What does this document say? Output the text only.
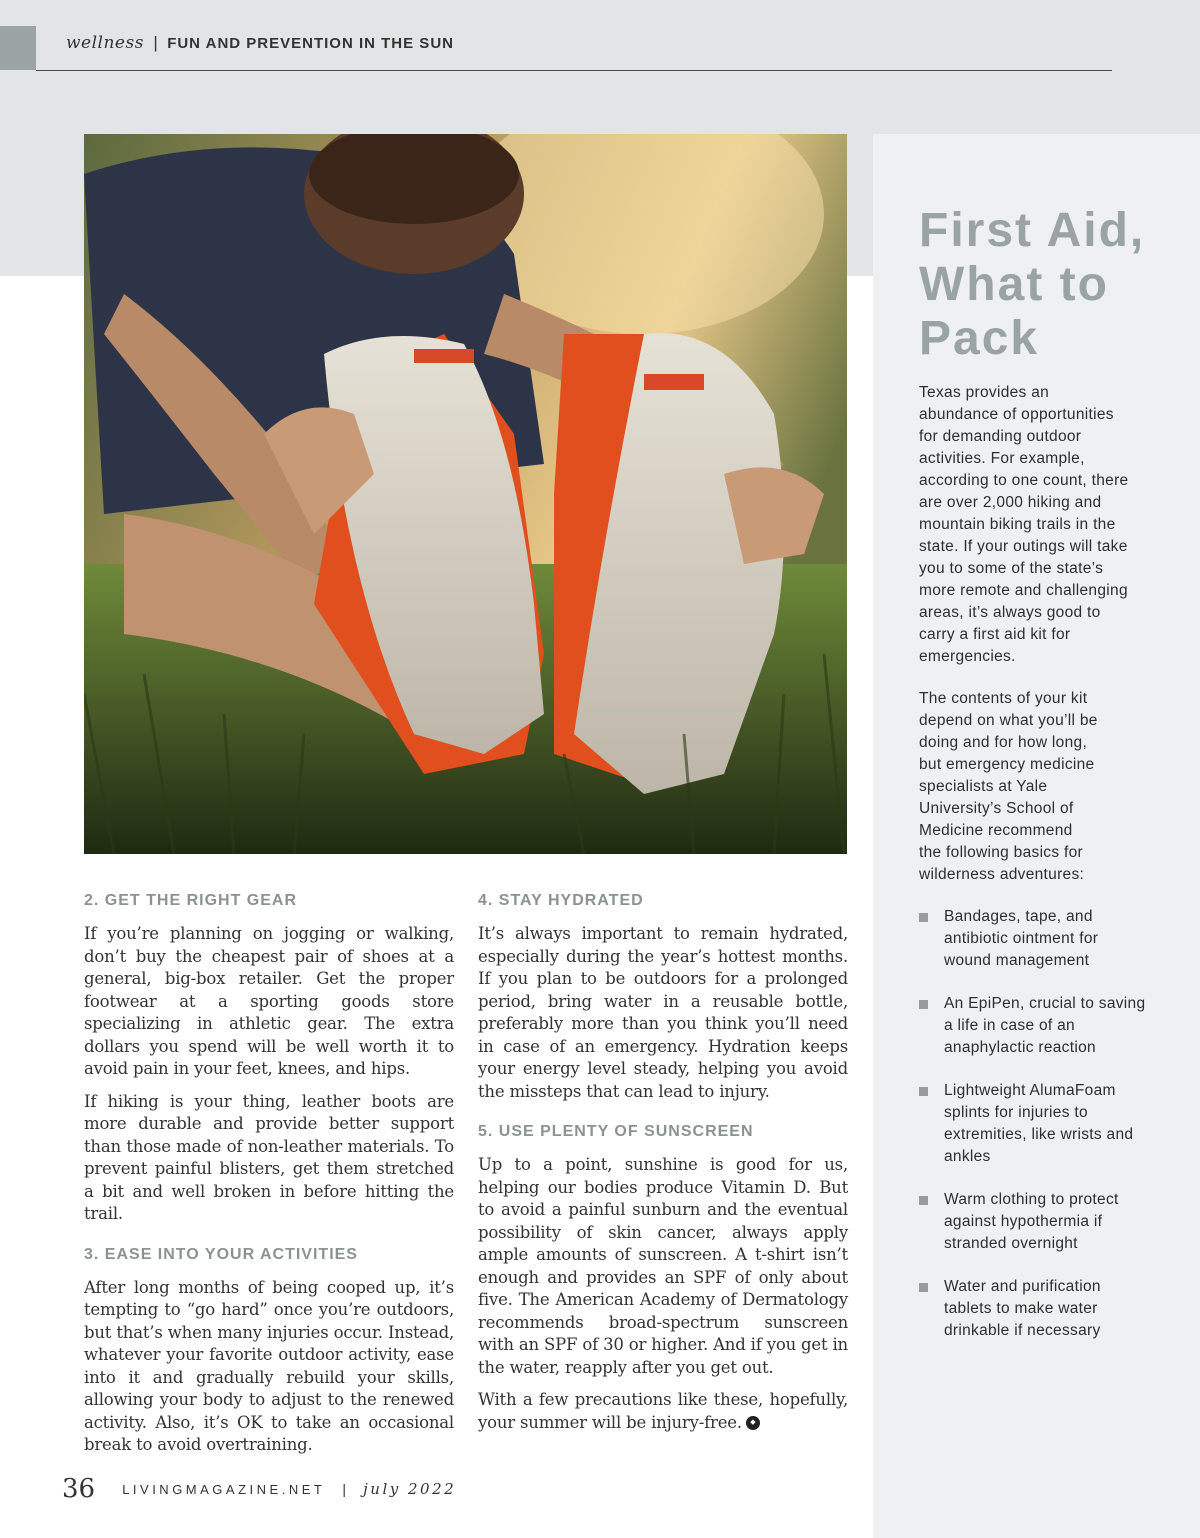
wellness | FUN AND PREVENTION IN THE SUN
First Aid, What to Pack

Texas provides an abundance of opportunities for demanding outdoor activities. For example, according to one count, there are over 2,000 hiking and mountain biking trails in the state. If your outings will take you to some of the state’s more remote and challenging areas, it’s always good to carry a first aid kit for emergencies.

The contents of your kit depend on what you’ll be doing and for how long, but emergency medicine specialists at Yale University’s School of Medicine recommend the following basics for wilderness adventures:

Bandages, tape, and antibiotic ointment for wound management
An EpiPen, crucial to saving a life in case of an anaphylactic reaction
Lightweight AlumaFoam splints for injuries to extremities, like wrists and ankles
Warm clothing to protect against hypothermia if stranded overnight
Water and purification tablets to make water drinkable if necessary
2. GET THE RIGHT GEAR

If you’re planning on jogging or walking, don’t buy the cheapest pair of shoes at a general, big-box retailer. Get the proper footwear at a sporting goods store specializing in athletic gear. The extra dollars you spend will be well worth it to avoid pain in your feet, knees, and hips.

If hiking is your thing, leather boots are more durable and provide better support than those made of non-leather materials. To prevent painful blisters, get them stretched a bit and well broken in before hitting the trail.

3. EASE INTO YOUR ACTIVITIES

After long months of being cooped up, it’s tempting to “go hard” once you’re outdoors, but that’s when many injuries occur. Instead, whatever your favorite outdoor activity, ease into it and gradually rebuild your skills, allowing your body to adjust to the renewed activity. Also, it’s OK to take an occasional break to avoid overtraining.

4. STAY HYDRATED

It’s always important to remain hydrated, especially during the year’s hottest months. If you plan to be outdoors for a prolonged period, bring water in a reusable bottle, preferably more than you think you’ll need in case of an emergency. Hydration keeps your energy level steady, helping you avoid the missteps that can lead to injury.

5. USE PLENTY OF SUNSCREEN

Up to a point, sunshine is good for us, helping our bodies produce Vitamin D. But to avoid a painful sunburn and the eventual possibility of skin cancer, always apply ample amounts of sunscreen. A t-shirt isn’t enough and provides an SPF of only about five. The American Academy of Dermatology recommends broad-spectrum sunscreen with an SPF of 30 or higher. And if you get in the water, reapply after you get out.

With a few precautions like these, hopefully, your summer will be injury-free. ◆

36 LIVINGMAGAZINE.NET | july 2022
